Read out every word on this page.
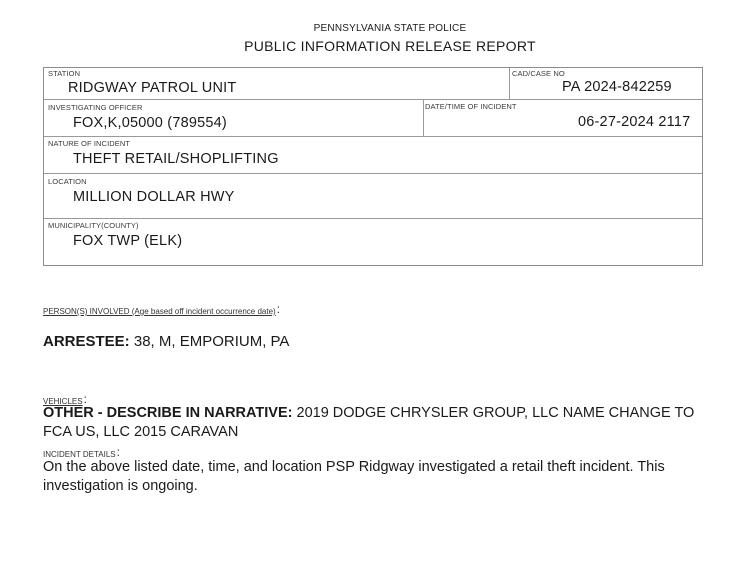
PENNSYLVANIA STATE POLICE
PUBLIC INFORMATION RELEASE REPORT
STATION
RIDGWAY PATROL UNIT
CAD/CASE NO
PA 2024-842259
INVESTIGATING OFFICER
FOX,K,05000 (789554)
DATE/TIME OF INCIDENT
06-27-2024 2117
NATURE OF INCIDENT
THEFT RETAIL/SHOPLIFTING
LOCATION
MILLION DOLLAR HWY
MUNICIPALITY(COUNTY)
FOX TWP (ELK)
PERSON(S) INVOLVED (Age based off incident occurrence date):
ARRESTEE: 38, M, EMPORIUM, PA
VEHICLES:
OTHER - DESCRIBE IN NARRATIVE: 2019 DODGE CHRYSLER GROUP, LLC NAME CHANGE TO FCA US, LLC 2015 CARAVAN
INCIDENT DETAILS:
On the above listed date, time, and location PSP Ridgway investigated a retail theft incident. This investigation is ongoing.
